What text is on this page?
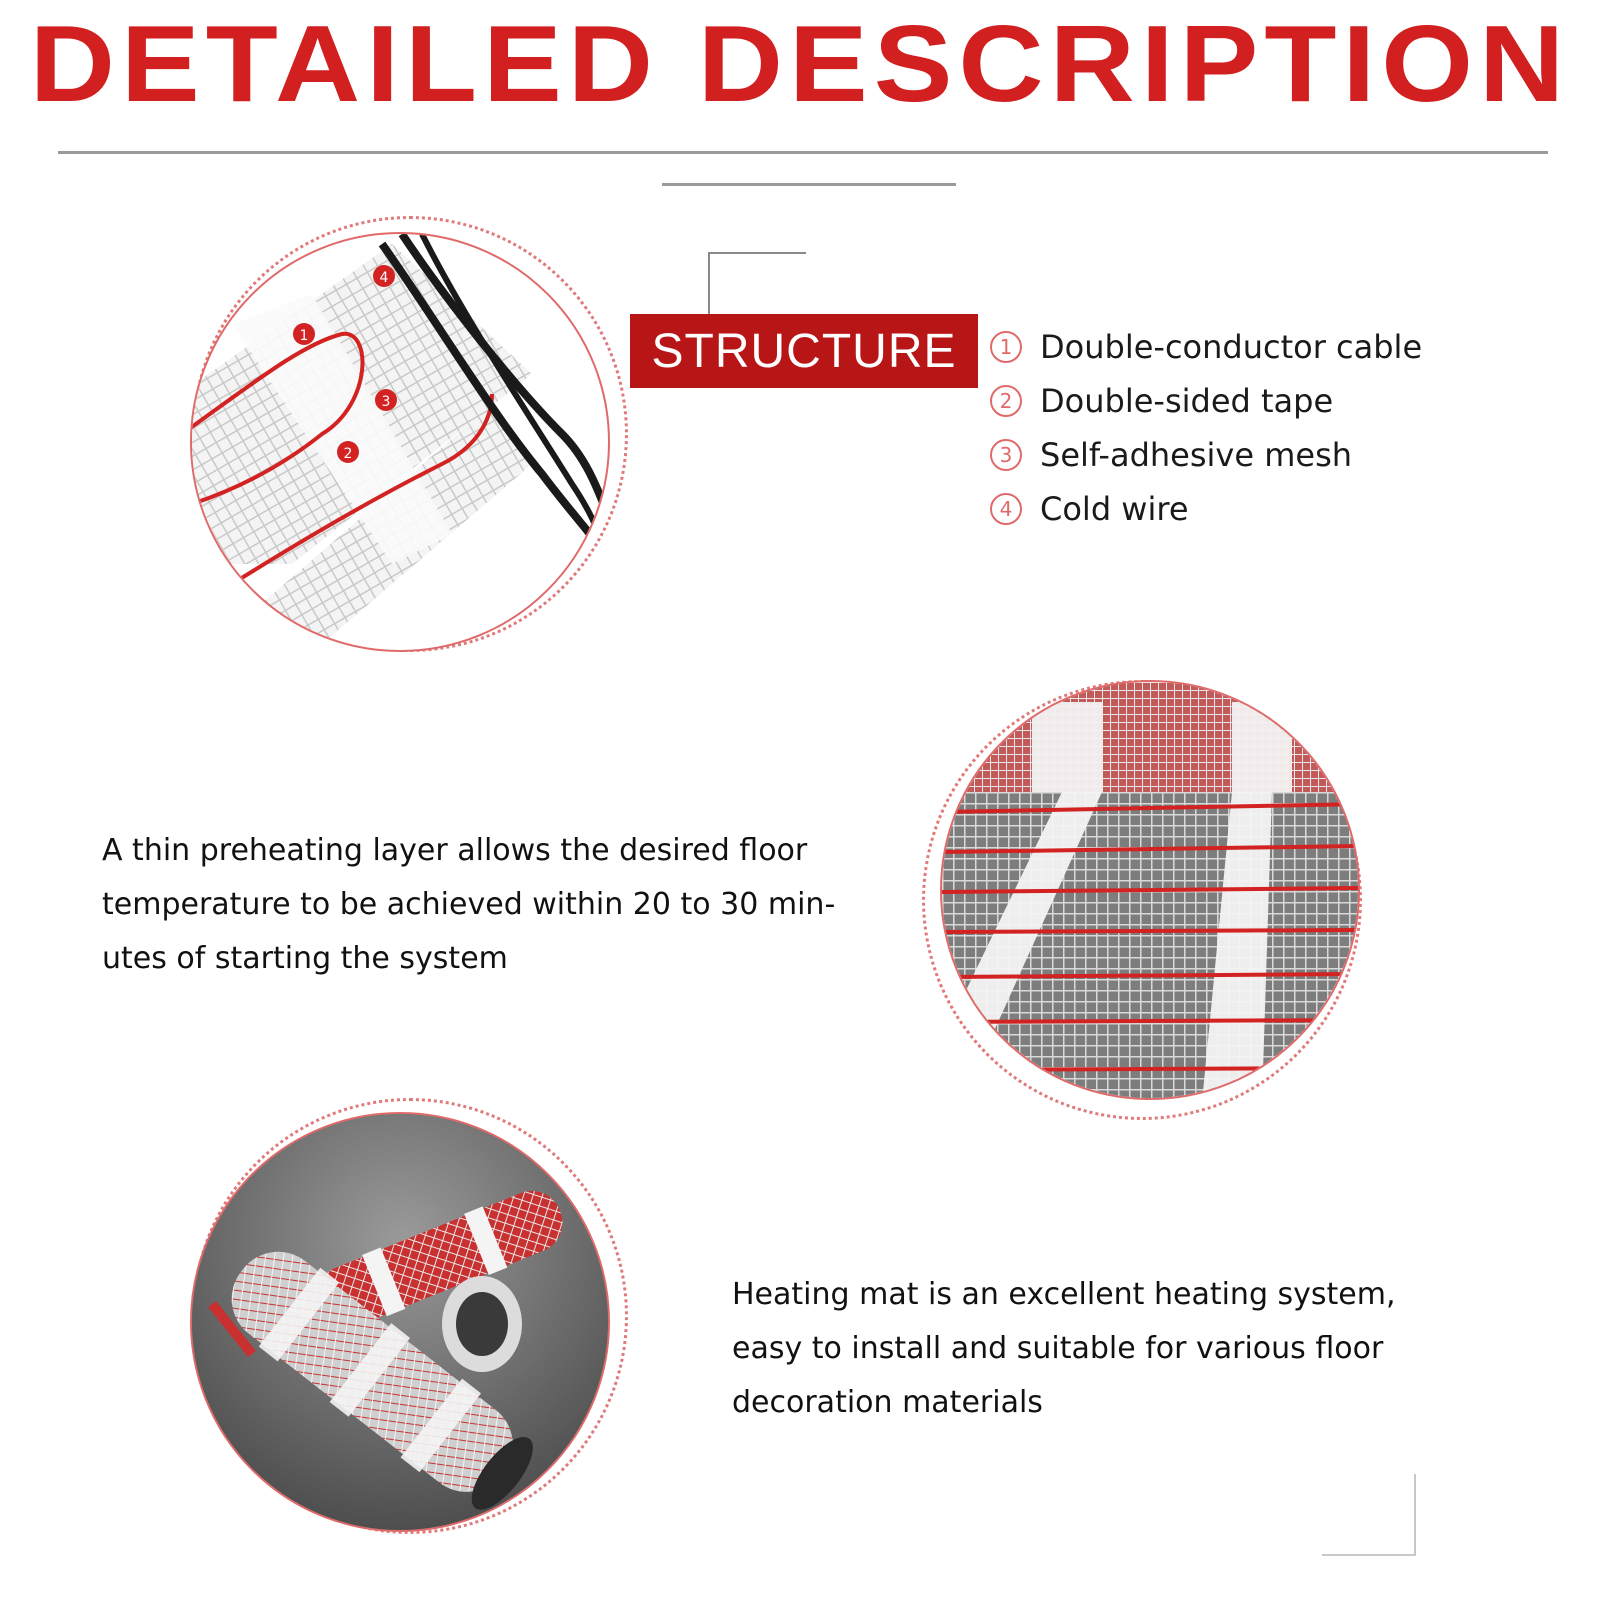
DETAILED DESCRIPTION
1
2
3
4
STRUCTURE	1 Double-conductor cable
2 Double-sided tape
3 Self-adhesive mesh
4 Cold wire
A thin preheating layer allows the desired floor
temperature to be achieved within 20 to 30 min-
utes of starting the system
Heating mat is an excellent heating system,
easy to install and suitable for various floor
decoration materials
